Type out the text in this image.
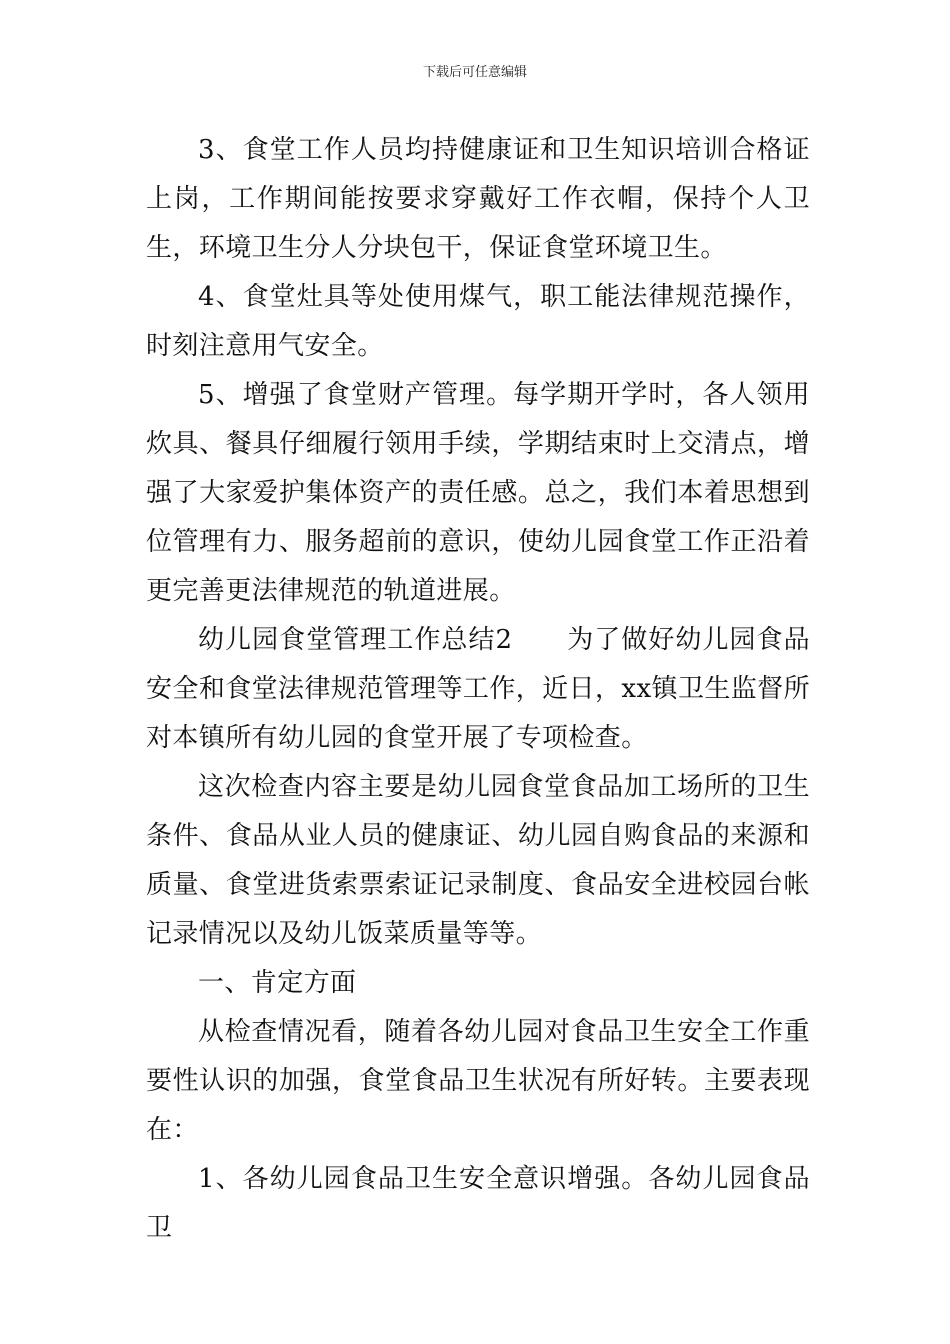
下载后可任意编辑

3、食堂工作人员均持健康证和卫生知识培训合格证上岗，工作期间能按要求穿戴好工作衣帽，保持个人卫生，环境卫生分人分块包干，保证食堂环境卫生。

4、食堂灶具等处使用煤气，职工能法律规范操作，时刻注意用气安全。

5、增强了食堂财产管理。每学期开学时，各人领用炊具、餐具仔细履行领用手续，学期结束时上交清点，增强了大家爱护集体资产的责任感。总之，我们本着思想到位管理有力、服务超前的意识，使幼儿园食堂工作正沿着更完善更法律规范的轨道进展。

幼儿园食堂管理工作总结2　　为了做好幼儿园食品安全和食堂法律规范管理等工作，近日，xx镇卫生监督所对本镇所有幼儿园的食堂开展了专项检查。

这次检查内容主要是幼儿园食堂食品加工场所的卫生条件、食品从业人员的健康证、幼儿园自购食品的来源和质量、食堂进货索票索证记录制度、食品安全进校园台帐记录情况以及幼儿饭菜质量等等。

一、肯定方面

从检查情况看，随着各幼儿园对食品卫生安全工作重要性认识的加强，食堂食品卫生状况有所好转。主要表现在：

1、各幼儿园食品卫生安全意识增强。各幼儿园食品卫
